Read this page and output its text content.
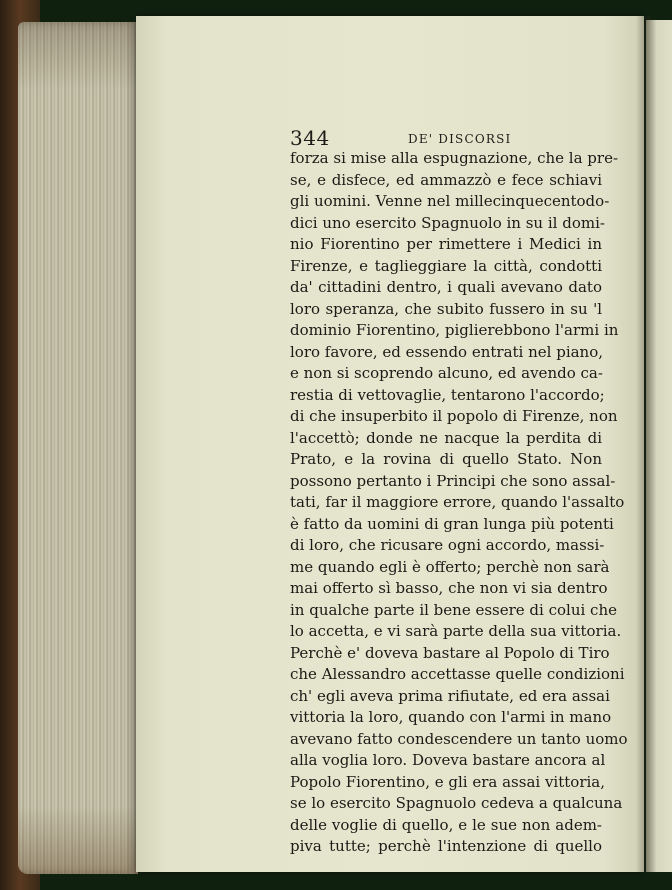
344	DE' DISCORSI
forza si mise alla espugnazione, che la pre-
se, e disfece, ed ammazzò e fece schiavi
gli uomini. Venne nel millecinquecentodo-
dici uno esercito Spagnuolo in su il domi-
nio Fiorentino per rimettere i Medici in
Firenze, e taglieggiare la città, condotti
da' cittadini dentro, i quali avevano dato
loro speranza, che subito fussero in su 'l
dominio Fiorentino, piglierebbono l'armi in
loro favore, ed essendo entrati nel piano,
e non si scoprendo alcuno, ed avendo ca-
restia di vettovaglie, tentarono l'accordo;
di che insuperbito il popolo di Firenze, non
l'accettò; donde ne nacque la perdita di
Prato, e la rovina di quello Stato. Non
possono pertanto i Principi che sono assal-
tati, far il maggiore errore, quando l'assalto
è fatto da uomini di gran lunga più potenti
di loro, che ricusare ogni accordo, massi-
me quando egli è offerto; perchè non sarà
mai offerto sì basso, che non vi sia dentro
in qualche parte il bene essere di colui che
lo accetta, e vi sarà parte della sua vittoria.
Perchè e' doveva bastare al Popolo di Tiro
che Alessandro accettasse quelle condizioni
ch' egli aveva prima rifiutate, ed era assai
vittoria la loro, quando con l'armi in mano
avevano fatto condescendere un tanto uomo
alla voglia loro. Doveva bastare ancora al
Popolo Fiorentino, e gli era assai vittoria,
se lo esercito Spagnuolo cedeva a qualcuna
delle voglie di quello, e le sue non adem-
piva tutte; perchè l'intenzione di quello
